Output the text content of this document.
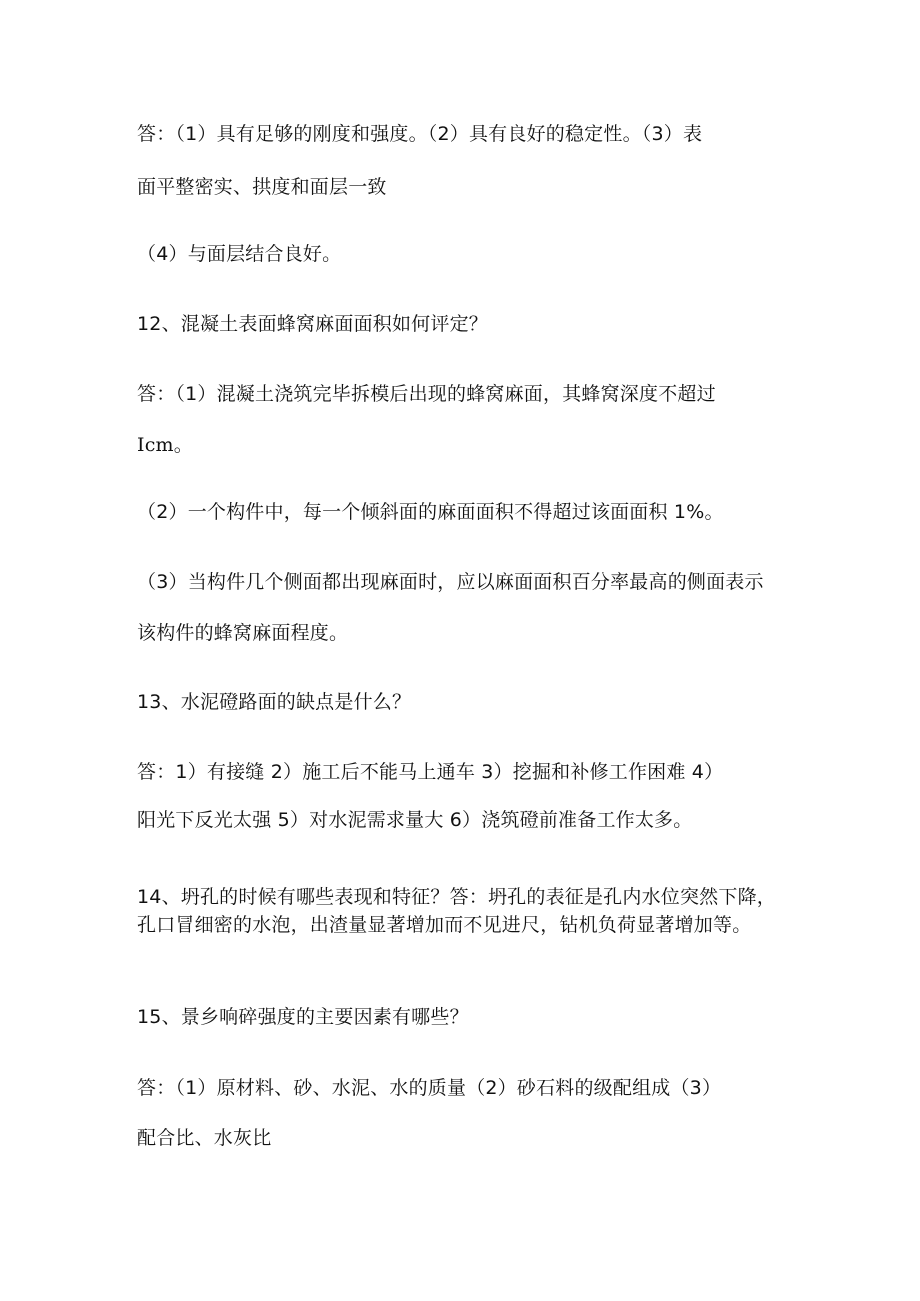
答：（1）具有足够的刚度和强度。（2）具有良好的稳定性。（3）表
面平整密实、拱度和面层一致
（4）与面层结合良好。
12、混凝土表面蜂窝麻面面积如何评定？
答：（1）混凝土浇筑完毕拆模后出现的蜂窝麻面，其蜂窝深度不超过
Icm。
（2）一个构件中，每一个倾斜面的麻面面积不得超过该面面积 1%。
（3）当构件几个侧面都出现麻面时，应以麻面面积百分率最高的侧面表示
该构件的蜂窝麻面程度。
13、水泥磴路面的缺点是什么？
答：1）有接缝 2）施工后不能马上通车 3）挖掘和补修工作困难 4）
阳光下反光太强 5）对水泥需求量大 6）浇筑磴前准备工作太多。
14、坍孔的时候有哪些表现和特征？答：坍孔的表征是孔内水位突然下降，孔口冒细密的水泡，出渣量显著增加而不见进尺，钻机负荷显著增加等。
15、景乡响碎强度的主要因素有哪些？
答：（1）原材料、砂、水泥、水的质量（2）砂石料的级配组成（3）
配合比、水灰比
